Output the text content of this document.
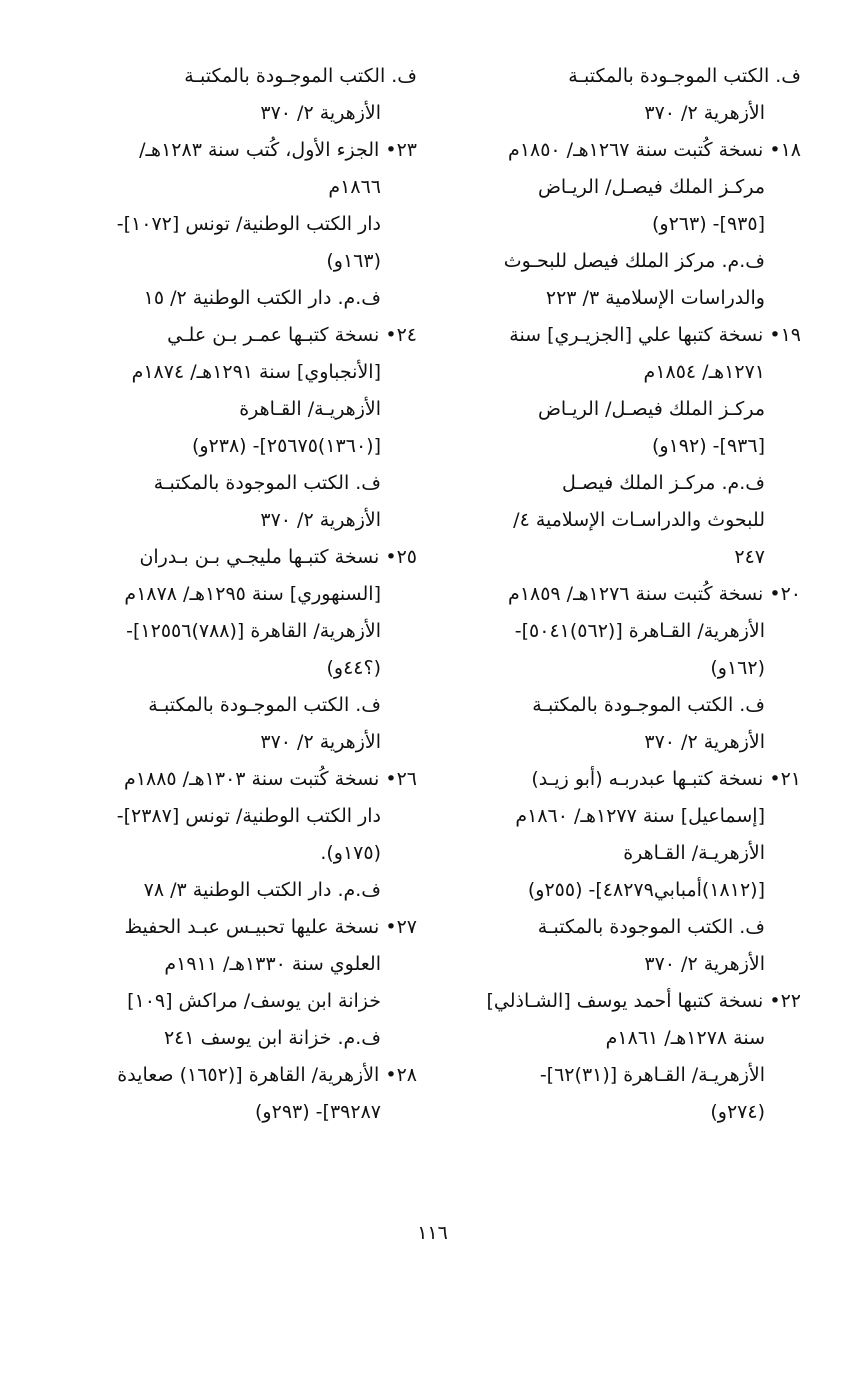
ف. الكتب الموجـودة بالمكتبـة
الأزهرية ٢/ ٣٧٠
١٨• نسخة كُتبت سنة ١٢٦٧هـ/ ١٨٥٠م
مركـز الملك فيصـل/ الريـاض
[٩٣٥]- (٢٦٣و)
ف.م. مركز الملك فيصل للبحـوث
والدراسات الإسلامية ٣/ ٢٢٣
١٩• نسخة كتبها علي [الجزيـري] سنة
١٢٧١هـ/ ١٨٥٤م
مركـز الملك فيصـل/ الريـاض
[٩٣٦]- (١٩٢و)
ف.م. مركـز الملك فيصـل
للبحوث والدراسـات الإسلامية ٤/
٢٤٧
٢٠• نسخة كُتبت سنة ١٢٧٦هـ/ ١٨٥٩م
الأزهرية/ القـاهرة [(٥٦٢)٥٠٤١]-
(١٦٢و)
ف. الكتب الموجـودة بالمكتبـة
الأزهرية ٢/ ٣٧٠
٢١• نسخة كتبـها عبدربـه (أبو زيـد)
[إسماعيل] سنة ١٢٧٧هـ/ ١٨٦٠م
الأزهريـة/ القـاهرة
[(١٨١٢)أمبابي٤٨٢٧٩]- (٢٥٥و)
ف. الكتب الموجودة بالمكتبـة
الأزهرية ٢/ ٣٧٠
٢٢• نسخة كتبها أحمد يوسف [الشـاذلي]
سنة ١٢٧٨هـ/ ١٨٦١م
الأزهريـة/ القـاهرة [(٣١)٦٢]-
(٢٧٤و)
ف. الكتب الموجـودة بالمكتبـة
الأزهرية ٢/ ٣٧٠
٢٣• الجزء الأول، كُتب سنة ١٢٨٣هـ/
١٨٦٦م
دار الكتب الوطنية/ تونس [١٠٧٢]-
(١٦٣و)
ف.م. دار الكتب الوطنية ٢/ ١٥
٢٤• نسخة كتبـها عمـر بـن علـي
[الأنجباوي] سنة ١٢٩١هـ/ ١٨٧٤م
الأزهريـة/ القـاهرة
[(١٣٦٠)٢٥٦٧٥]- (٢٣٨و)
ف. الكتب الموجودة بالمكتبـة
الأزهرية ٢/ ٣٧٠
٢٥• نسخة كتبـها مليجـي بـن بـدران
[السنهوري] سنة ١٢٩٥هـ/ ١٨٧٨م
الأزهرية/ القاهرة [(٧٨٨)١٢٥٥٦]-
(؟٤٤و)
ف. الكتب الموجـودة بالمكتبـة
الأزهرية ٢/ ٣٧٠
٢٦• نسخة كُتبت سنة ١٣٠٣هـ/ ١٨٨٥م
دار الكتب الوطنية/ تونس [٢٣٨٧]-
(١٧٥و).
ف.م. دار الكتب الوطنية ٣/ ٧٨
٢٧• نسخة عليها تحبيـس عبـد الحفيظ
العلوي سنة ١٣٣٠هـ/ ١٩١١م
خزانة ابن يوسف/ مراكش [١٠٩]
ف.م. خزانة ابن يوسف ٢٤١
٢٨• الأزهرية/ القاهرة [(١٦٥٢) صعايدة
٣٩٢٨٧]- (٢٩٣و)
١١٦
